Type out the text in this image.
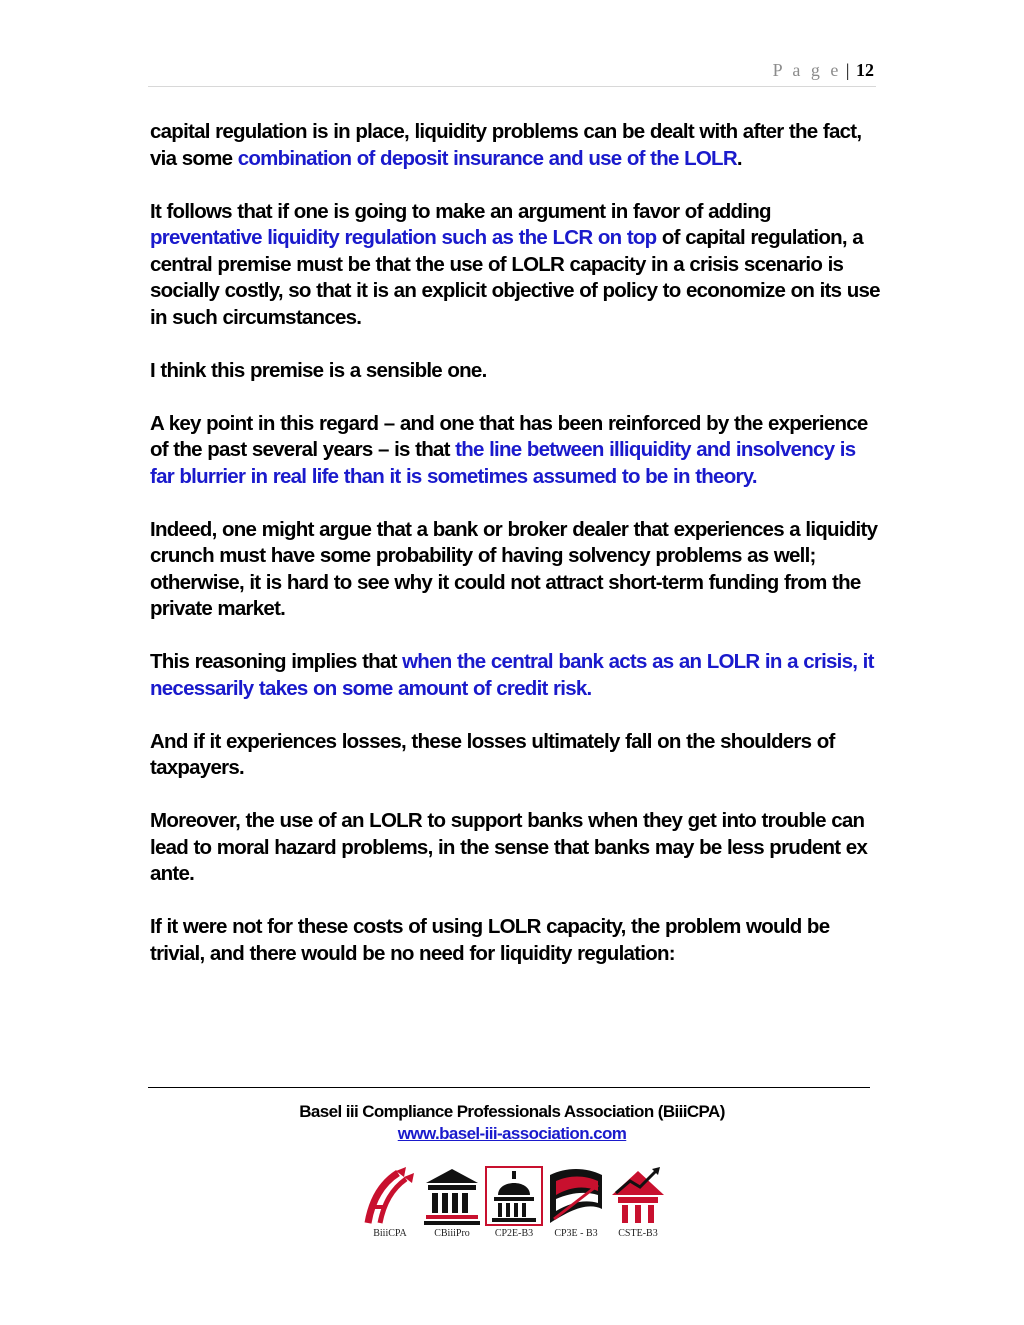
P a g e | 12

capital regulation is in place, liquidity problems can be dealt with after the fact, via some combination of deposit insurance and use of the LOLR.

It follows that if one is going to make an argument in favor of adding preventative liquidity regulation such as the LCR on top of capital regulation, a central premise must be that the use of LOLR capacity in a crisis scenario is socially costly, so that it is an explicit objective of policy to economize on its use in such circumstances.

I think this premise is a sensible one.

A key point in this regard – and one that has been reinforced by the experience of the past several years – is that the line between illiquidity and insolvency is far blurrier in real life than it is sometimes assumed to be in theory.

Indeed, one might argue that a bank or broker dealer that experiences a liquidity crunch must have some probability of having solvency problems as well; otherwise, it is hard to see why it could not attract short-term funding from the private market.

This reasoning implies that when the central bank acts as an LOLR in a crisis, it necessarily takes on some amount of credit risk.

And if it experiences losses, these losses ultimately fall on the shoulders of taxpayers.

Moreover, the use of an LOLR to support banks when they get into trouble can lead to moral hazard problems, in the sense that banks may be less prudent ex ante.

If it were not for these costs of using LOLR capacity, the problem would be trivial, and there would be no need for liquidity regulation:

Basel iii Compliance Professionals Association (BiiiCPA)
www.basel-iii-association.com
BiiiCPA	CBiiiPro	CP2E-B3	CP3E - B3	CSTE-B3
